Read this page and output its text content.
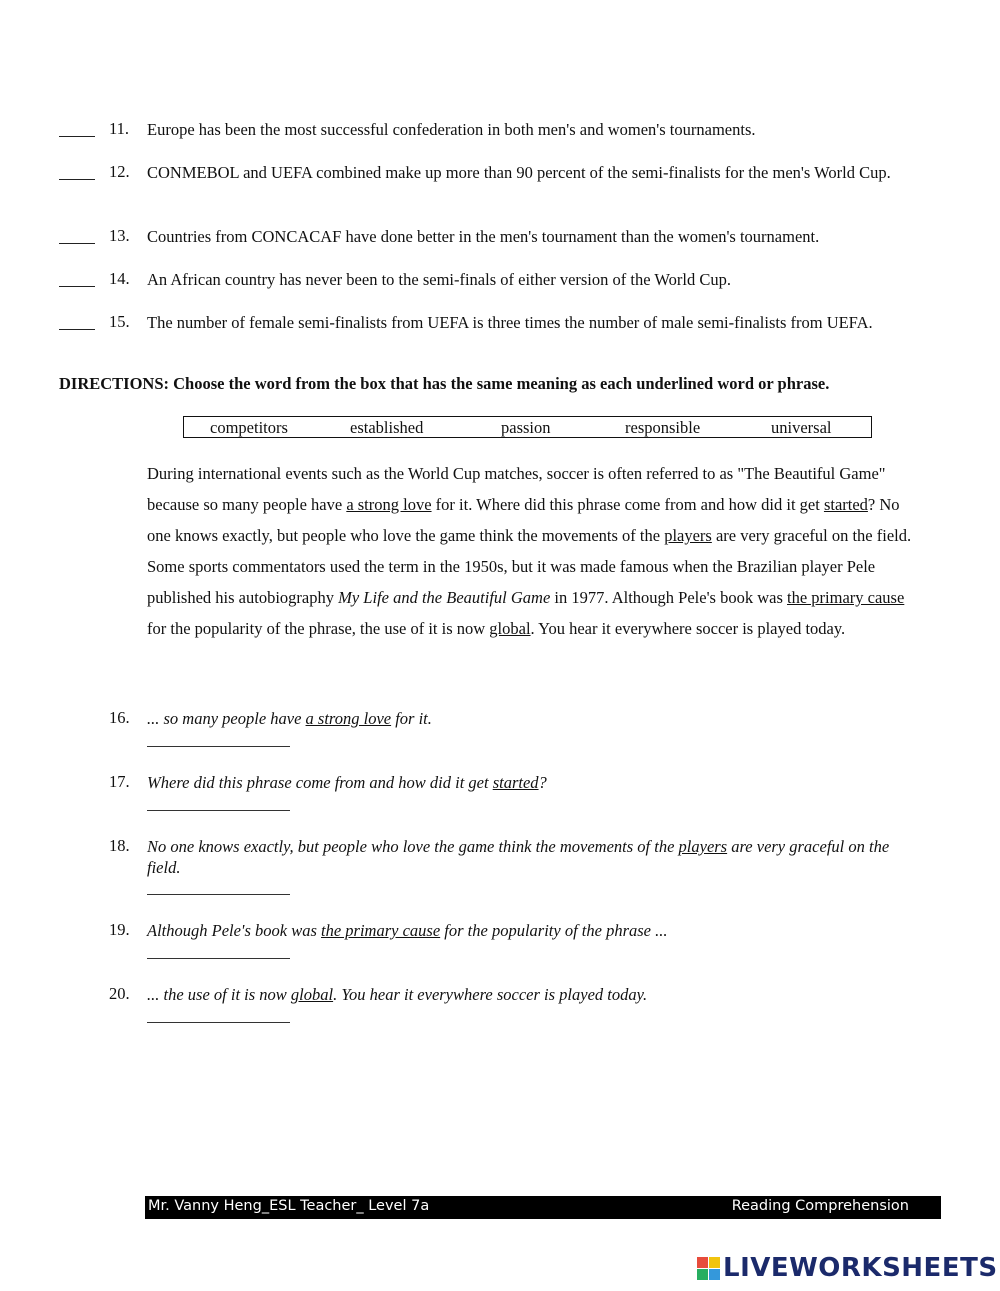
11. Europe has been the most successful confederation in both men's and women's tournaments.
12. CONMEBOL and UEFA combined make up more than 90 percent of the semi-finalists for the men's World Cup.
13. Countries from CONCACAF have done better in the men's tournament than the women's tournament.
14. An African country has never been to the semi-finals of either version of the World Cup.
15. The number of female semi-finalists from UEFA is three times the number of male semi-finalists from UEFA.
DIRECTIONS: Choose the word from the box that has the same meaning as each underlined word or phrase.
competitors	established	passion	responsible	universal
During international events such as the World Cup matches, soccer is often referred to as "The Beautiful Game" because so many people have a strong love for it. Where did this phrase come from and how did it get started? No one knows exactly, but people who love the game think the movements of the players are very graceful on the field. Some sports commentators used the term in the 1950s, but it was made famous when the Brazilian player Pele published his autobiography My Life and the Beautiful Game in 1977. Although Pele's book was the primary cause for the popularity of the phrase, the use of it is now global. You hear it everywhere soccer is played today.
16. ... so many people have a strong love for it.
17. Where did this phrase come from and how did it get started?
18. No one knows exactly, but people who love the game think the movements of the players are very graceful on the field.
19. Although Pele's book was the primary cause for the popularity of the phrase ...
20. ... the use of it is now global. You hear it everywhere soccer is played today.
Mr. Vanny Heng_ESL Teacher_ Level 7a	Reading Comprehension
LIVEWORKSHEETS
